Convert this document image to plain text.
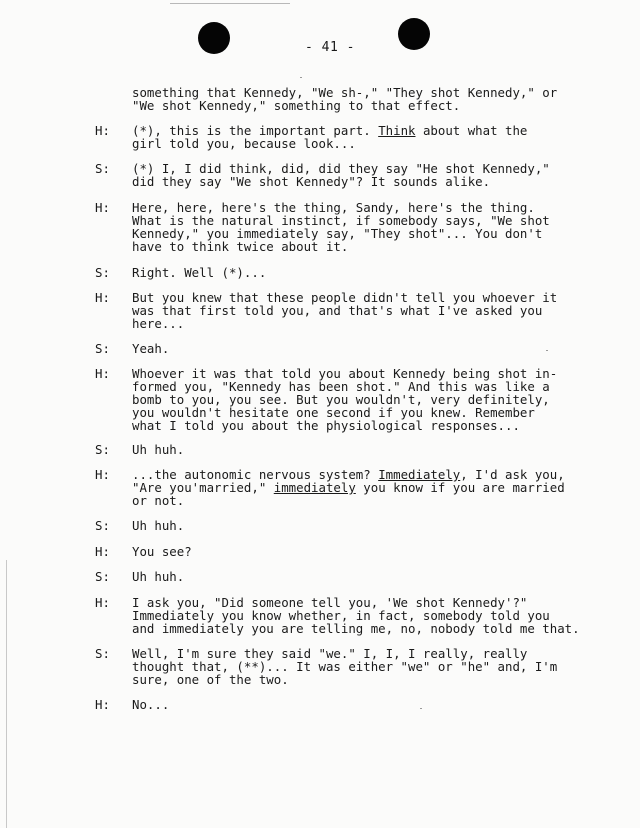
- 41 -
something that Kennedy, "We sh-," "They shot Kennedy," or
"We shot Kennedy," something to that effect.
H:	(*), this is the important part. Think about what the
girl told you, because look...
S:	(*) I, I did think, did, did they say "He shot Kennedy,"
did they say "We shot Kennedy"? It sounds alike.
H:	Here, here, here's the thing, Sandy, here's the thing.
What is the natural instinct, if somebody says, "We shot
Kennedy," you immediately say, "They shot"... You don't
have to think twice about it.
S:	Right. Well (*)...
H:	But you knew that these people didn't tell you whoever it
was that first told you, and that's what I've asked you
here...
S:	Yeah.
H:	Whoever it was that told you about Kennedy being shot in-
formed you, "Kennedy has been shot." And this was like a
bomb to you, you see. But you wouldn't, very definitely,
you wouldn't hesitate one second if you knew. Remember
what I told you about the physiological responses...
S:	Uh huh.
H:	...the autonomic nervous system? Immediately, I'd ask you,
"Are you'married," immediately you know if you are married
or not.
S:	Uh huh.
H:	You see?
S:	Uh huh.
H:	I ask you, "Did someone tell you, 'We shot Kennedy'?"
Immediately you know whether, in fact, somebody told you
and immediately you are telling me, no, nobody told me that.
S:	Well, I'm sure they said "we." I, I, I really, really
thought that, (**)... It was either "we" or "he" and, I'm
sure, one of the two.
H:	No...
